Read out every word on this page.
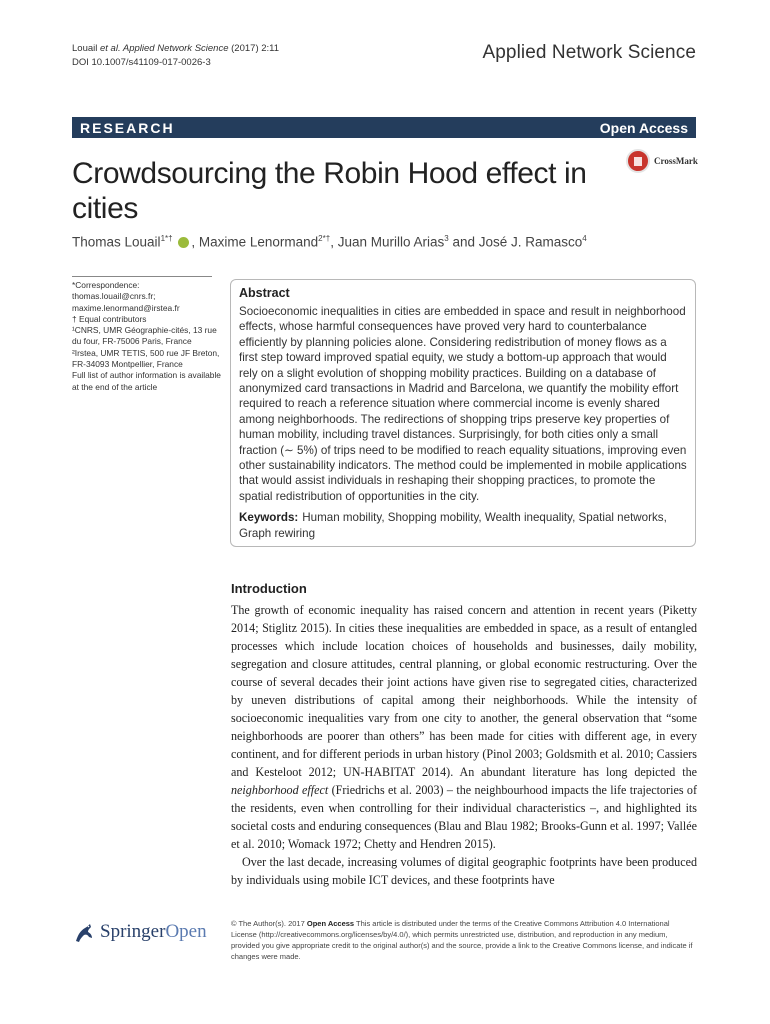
Louail et al. Applied Network Science (2017) 2:11
DOI 10.1007/s41109-017-0026-3	Applied Network Science
RESEARCH	Open Access
Crowdsourcing the Robin Hood effect in cities
CrossMark
Thomas Louail$^{1*\dagger}$ , Maxime Lenormand$^{2*\dagger}$, Juan Murillo Arias$^3$ and José J. Ramasco$^4$
*Correspondence:
thomas.louail@cnrs.fr;
maxime.lenormand@irstea.fr
† Equal contributors
¹CNRS, UMR Géographie-cités, 13 rue du four, FR-75006 Paris, France
²Irstea, UMR TETIS, 500 rue JF Breton, FR-34093 Montpellier, France
Full list of author information is available at the end of the article
Abstract
Socioeconomic inequalities in cities are embedded in space and result in neighborhood effects, whose harmful consequences have proved very hard to counterbalance efficiently by planning policies alone. Considering redistribution of money flows as a first step toward improved spatial equity, we study a bottom-up approach that would rely on a slight evolution of shopping mobility practices. Building on a database of anonymized card transactions in Madrid and Barcelona, we quantify the mobility effort required to reach a reference situation where commercial income is evenly shared among neighborhoods. The redirections of shopping trips preserve key properties of human mobility, including travel distances. Surprisingly, for both cities only a small fraction (∼ 5%) of trips need to be modified to reach equality situations, improving even other sustainability indicators. The method could be implemented in mobile applications that would assist individuals in reshaping their shopping practices, to promote the spatial redistribution of opportunities in the city.
Keywords: Human mobility, Shopping mobility, Wealth inequality, Spatial networks, Graph rewiring
Introduction

The growth of economic inequality has raised concern and attention in recent years (Piketty 2014; Stiglitz 2015). In cities these inequalities are embedded in space, as a result of entangled processes which include location choices of households and businesses, daily mobility, segregation and closure attitudes, central planning, or global economic restructuring. Over the course of several decades their joint actions have given rise to segregated cities, characterized by uneven distributions of capital among their neighborhoods. While the intensity of socioeconomic inequalities vary from one city to another, the general observation that “some neighborhoods are poorer than others” has been made for cities with different age, in every continent, and for different periods in urban history (Pinol 2003; Goldsmith et al. 2010; Cassiers and Kesteloot 2012; UN-HABITAT 2014). An abundant literature has long depicted the neighborhood effect (Friedrichs et al. 2003) – the neighbourhood impacts the life trajectories of the residents, even when controlling for their individual characteristics –, and highlighted its societal costs and enduring consequences (Blau and Blau 1982; Brooks-Gunn et al. 1997; Vallée et al. 2010; Womack 1972; Chetty and Hendren 2015).

Over the last decade, increasing volumes of digital geographic footprints have been produced by individuals using mobile ICT devices, and these footprints have

SpringerOpen	© The Author(s). 2017 Open Access This article is distributed under the terms of the Creative Commons Attribution 4.0 International License (http://creativecommons.org/licenses/by/4.0/), which permits unrestricted use, distribution, and reproduction in any medium, provided you give appropriate credit to the original author(s) and the source, provide a link to the Creative Commons license, and indicate if changes were made.
